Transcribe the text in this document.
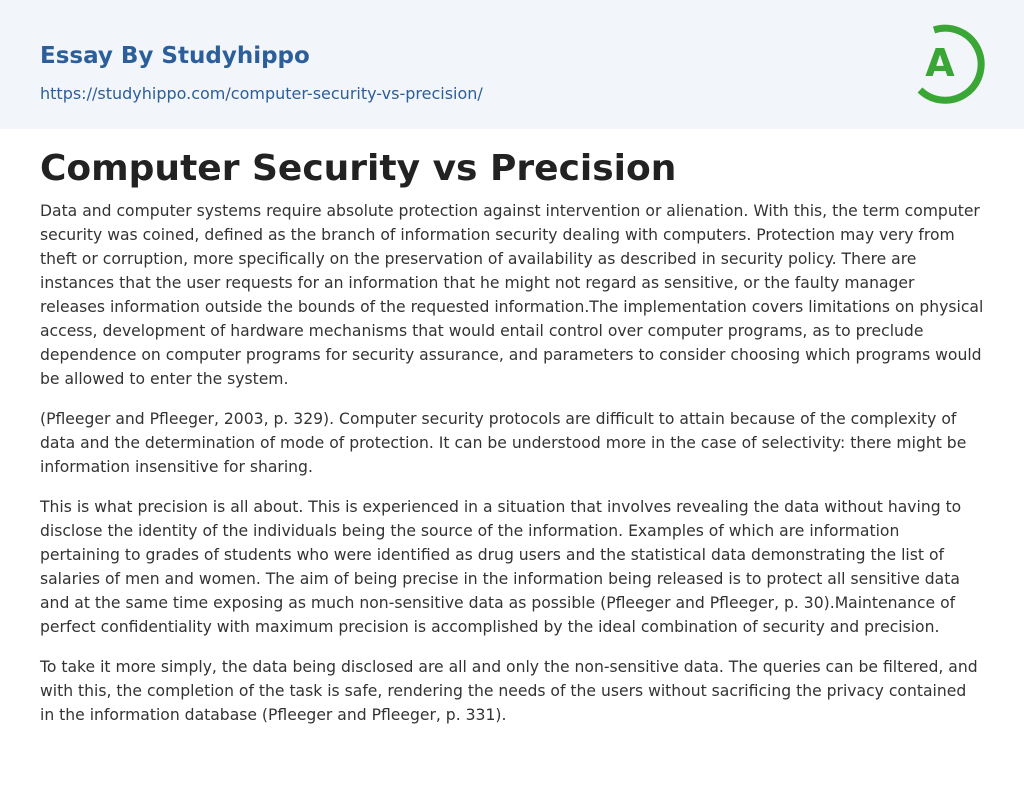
Essay By Studyhippo
https://studyhippo.com/computer-security-vs-precision/
A
Computer Security vs Precision

Data and computer systems require absolute protection against intervention or alienation. With this, the term computer security was coined, defined as the branch of information security dealing with computers. Protection may very from theft or corruption, more specifically on the preservation of availability as described in security policy. There are instances that the user requests for an information that he might not regard as sensitive, or the faulty manager releases information outside the bounds of the requested information.The implementation covers limitations on physical access, development of hardware mechanisms that would entail control over computer programs, as to preclude dependence on computer programs for security assurance, and parameters to consider choosing which programs would be allowed to enter the system.

(Pfleeger and Pfleeger, 2003, p. 329). Computer security protocols are difficult to attain because of the complexity of data and the determination of mode of protection. It can be understood more in the case of selectivity: there might be information insensitive for sharing.

This is what precision is all about. This is experienced in a situation that involves revealing the data without having to disclose the identity of the individuals being the source of the information. Examples of which are information pertaining to grades of students who were identified as drug users and the statistical data demonstrating the list of salaries of men and women. The aim of being precise in the information being released is to protect all sensitive data and at the same time exposing as much non-sensitive data as possible (Pfleeger and Pfleeger, p. 30).Maintenance of perfect confidentiality with maximum precision is accomplished by the ideal combination of security and precision.

To take it more simply, the data being disclosed are all and only the non-sensitive data. The queries can be filtered, and with this, the completion of the task is safe, rendering the needs of the users without sacrificing the privacy contained in the information database (Pfleeger and Pfleeger, p. 331).
